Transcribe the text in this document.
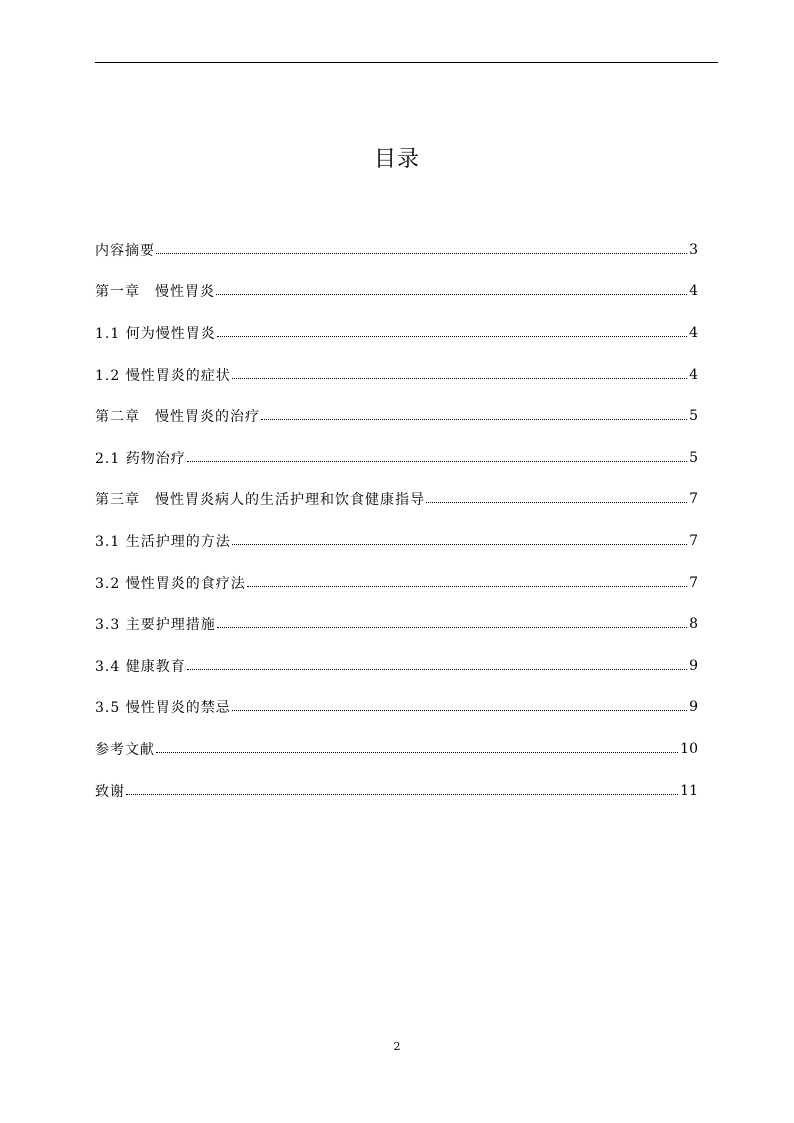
目录
内容摘要	3
第一章　慢性胃炎	4
1.1 何为慢性胃炎	4
1.2 慢性胃炎的症状	4
第二章　慢性胃炎的治疗	5
2.1 药物治疗	5
第三章　慢性胃炎病人的生活护理和饮食健康指导	7
3.1 生活护理的方法	7
3.2 慢性胃炎的食疗法	7
3.3 主要护理措施	8
3.4 健康教育	9
3.5 慢性胃炎的禁忌	9
参考文献	10
致谢	11
2
